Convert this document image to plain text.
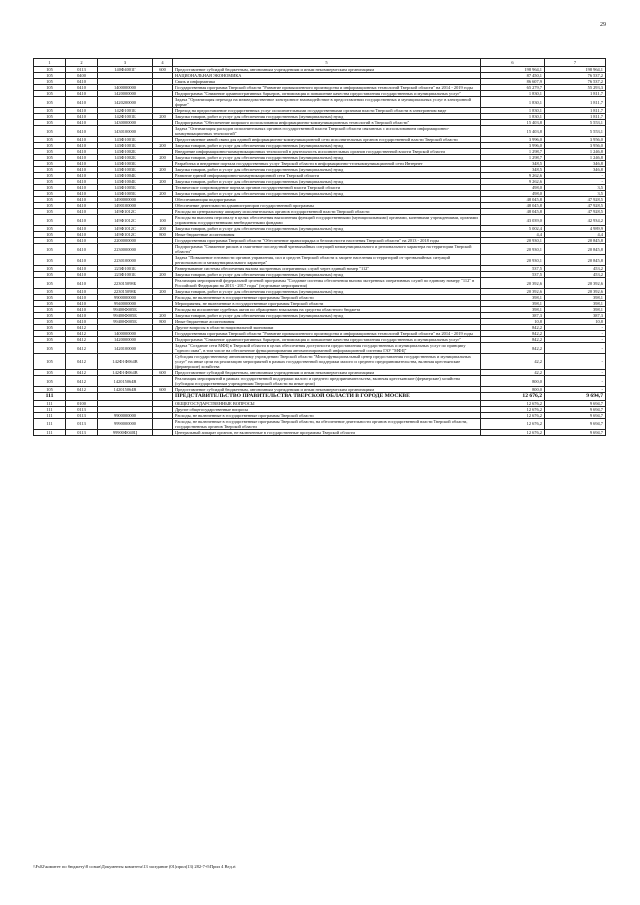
29
1	2	3	4	5	6	7
105	0113	140Ф4001Г	600	Предоставление субсидий бюджетным, автономным учреждениям и иным некоммерческим организациям	198 964,1	198 964,1
105	0400			НАЦИОНАЛЬНАЯ ЭКОНОМИКА	87 450,1	76 537,2
105	0410			Связь и информатика	86 607,9	76 537,2
105	0410	1400000000		Государственная программа Тверской области "Развитие промышленного производства и информационных технологий Тверской области" на 2014 - 2019 годы	65 279,7	55 293,3
105	0410	1420000000		Подпрограмма "Снижение административных барьеров, оптимизация и повышение качества предоставления государственных и муниципальных услуг"	1 830,1	1 811,7
105	0410	1420200000		Задача "Организация перехода на межведомственное электронное взаимодействие в предоставлении государственных и муниципальных услуг в электронной форме"	1 830,1	1 811,7
105	0410	142Ф1001Б		Переход на предоставление государственных услуг исполнительными государственными органами власти Тверской области в электронном виде	1 830,1	1 811,7
105	0410	142Ф1001Б	200	Закупка товаров, работ и услуг для обеспечения государственных (муниципальных) нужд	1 830,1	1 811,7
105	0410	1430000000		Подпрограмма "Обеспечение широкого использования информационно-коммуникационных технологий в Тверской области"	15 403,8	5 553,1
105	0410	1430100000		Задача "Оптимизация расходов исполнительных органов государственной власти Тверской области связанных с использованием информационно-коммуникационных технологий"	15 403,8	5 553,1
105	0410	143Ф1001Б		Предоставление явной связи для единой информационно-коммуникационной сети исполнительных органов государственной власти Тверской области	3 996,0	3 956,0
105	0410	143Ф1001Б	200	Закупка товаров, работ и услуг для обеспечения государственных (муниципальных) нужд	3 996,0	3 956,0
105	0410	143Ф1002Б		Внедрение информационно-коммуникационных технологий в деятельность исполнительных органов государственной власти Тверской области	1 298,7	1 246,8
105	0410	143Ф1002Б	200	Закупка товаров, работ и услуг для обеспечения государственных (муниципальных) нужд	1 298,7	1 246,8
105	0410	143Ф1003Б		Разработка и внедрение портала государственных услуг Тверской области в информационно-телекоммуникационной сети Интернет	348,5	346,8
105	0410	143Ф1003Б	200	Закупка товаров, работ и услуг для обеспечения государственных (муниципальных) нужд	348,5	346,8
105	0410	143Ф1004Б		Развитие единой информационно-коммуникационной сети Тверской области	9 262,6	-
105	0410	143Ф1004Б	200	Закупка товаров, работ и услуг для обеспечения государственных (муниципальных) нужд	9 262,6	-
105	0410	143Ф1005Б		Техническое сопровождение портала органов государственной власти Тверской области	498,0	3,5
105	0410	143Ф1005Б	200	Закупка товаров, работ и услуг для обеспечения государственных (муниципальных) нужд	498,0	3,5
105	0410	1490000000		Обеспечивающая подпрограмма	48 045,8	47 928,5
105	0410	1490100000		Обеспечение деятельности администраторов государственной программы	48 045,8	47 928,5
105	0410	149Ф1012С		Расходы по центральному аппарату исполнительных органов государственной власти Тверской области	48 045,8	47 928,5
105	0410	149Ф1012С	100	Расходы на выплаты персоналу в целях обеспечения выполнения функций государственными (муниципальными) органами, казенными учреждениями, органами управления государственными внебюджетными фондами	43 039,0	42 934,2
105	0410	149Ф1012С	200	Закупка товаров, работ и услуг для обеспечения государственных (муниципальных) нужд	5 002,4	4 989,9
105	0410	149Ф1012С	800	Иные бюджетные ассигнования	4,4	4,4
105	0410	2200000000		Государственная программа Тверской области "Обеспечение правопорядка и безопасности населения Тверской области" на 2013 - 2018 годы	20 930,1	20 845,8
105	0410	2230000000		Подпрограмма "Снижение рисков и смягчение последствий чрезвычайных ситуаций межмуниципального и регионального характера на территории Тверской области"	20 930,1	20 845,8
105	0410	2230100000		Задача "Повышение готовности органов управления, сил и средств Тверской области к защите населения и территорий от чрезвычайных ситуаций регионального и межмуниципального характера"	20 930,1	20 845,8
105	0410	223Ф1001Б		Развертывание системы обеспечения вызова экстренных оперативных служб через единый номер "112"	537,5	453,2
105	0410	223Ф1001Б	200	Закупка товаров, работ и услуг для обеспечения государственных (муниципальных) нужд	537,5	453,2
105	0410	223015098Б		Реализация мероприятий федеральной целевой программы "Создание системы обеспечения вызова экстренных оперативных служб по единому номеру "112" в Российской Федерации на 2013 - 2017 годы" (отдельные мероприятия)	20 392,6	20 392,6
105	0410	223015098Б	200	Закупка товаров, работ и услуг для обеспечения государственных (муниципальных) нужд	20 392,6	20 392,6
105	0410	9900000000		Расходы, не включенные в государственные программы Тверской области	398,1	398,1
105	0410	9940000000		Мероприятия, не включенные в государственные программы Тверской области	398,1	398,1
105	0410	99400Ф005Б		Расходы на исполнение судебных актов по обращению взыскания на средства областного бюджета	398,1	398,1
105	0410	99400Ф005Б	200	Закупка товаров, работ и услуг для обеспечения государственных (муниципальных) нужд	387,3	387,3
105	0410	99400Ф005Б	800	Иные бюджетные ассигнования	10,8	10,8
105	0412			Другие вопросы в области национальной экономики	842,2	-
105	0412	1400000000		Государственная программа Тверской области "Развитие промышленного производства и информационных технологий Тверской области" на 2014 - 2019 годы	842,2	-
105	0412	1420000000		Подпрограмма "Снижение административных барьеров, оптимизация и повышение качества предоставления государственных и муниципальных услуг"	842,2	-
105	0412	1420100000		Задача "Создание сети МФЦ в Тверской области в целях обеспечения доступности предоставления государственных и муниципальных услуг по принципу "одного окна", в том числе на обеспечение функционирования автоматизированной информационной системы ГАУ "МФЦ"	842,2	-
105	0412	142Ф1Ф064В		Субсидия государственному автономному учреждению Тверской области "Многофункциональный центр предоставления государственных и муниципальных услуг" на иные цели на реализацию мероприятий в рамках государственной поддержки малого и среднего предпринимательства, включая крестьянские (фермерские) хозяйства	42,2	-
105	0412	142Ф1Ф064В	600	Предоставление субсидий бюджетным, автономным учреждениям и иным некоммерческим организациям	42,2	-
105	0412	142015064В		Реализация мероприятий в рамках государственной поддержки малого и среднего предпринимательства, включая крестьянские (фермерские) хозяйства (субсидия государственным учреждениям Тверской области на иные цели)	800,0	-
105	0412	142015064В	600	Предоставление субсидий бюджетным, автономным учреждениям и иным некоммерческим организациям	800,0	-
111				ПРЕДСТАВИТЕЛЬСТВО ПРАВИТЕЛЬСТВА ТВЕРСКОЙ ОБЛАСТИ В ГОРОДЕ МОСКВЕ	12 676,2	9 694,7
111	0100			ОБЩЕГОСУДАРСТВЕННЫЕ ВОПРОСЫ	12 676,2	9 694,7
111	0113			Другие общегосударственные вопросы	12 676,2	9 694,7
111	0113	9900000000		Расходы, не включенные в государственные программы Тверской области	12 676,2	9 694,7
111	0113	9990000000		Расходы, не включенные в государственные программы Тверской области, на обеспечение деятельности органов государственной власти Тверской области, государственных органов Тверской области	12 676,2	9 694,7
111	0113	99900Ф040Ц		Центральный аппарат органов, не включенные в государственные программы Тверской области	12 676,2	9 694,7
\\Fs02\комитет по бюджету\8 созыв\Документы комитета\13 заседание (01)прил(13) 282-7-б\Прил 4 Вед.rt
